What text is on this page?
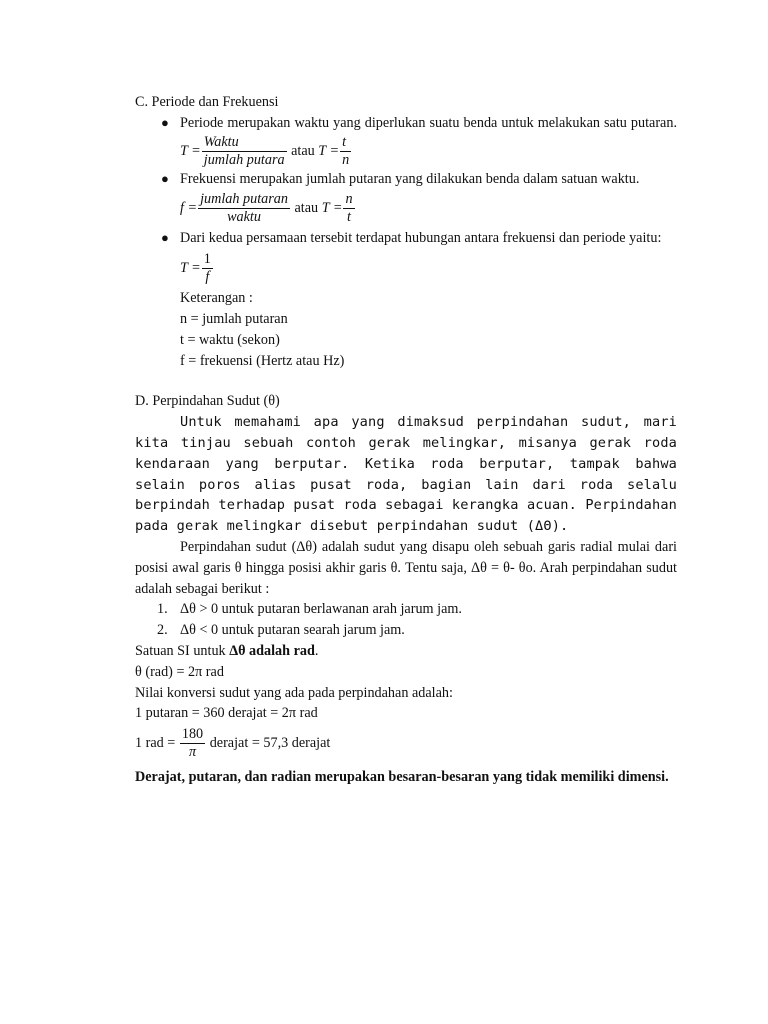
C. Periode dan Frekuensi

● Periode merupakan waktu yang diperlukan suatu benda untuk melakukan satu putaran. $T = \frac{\text{Waktu}}{\text{jumlah putara}}$ atau $T = \frac{t}{n}$

● Frekuensi merupakan jumlah putaran yang dilakukan benda dalam satuan waktu.

$f = \frac{\text{jumlah putaran}}{\text{waktu}}$ atau $T = \frac{n}{t}$

● Dari kedua persamaan tersebit terdapat hubungan antara frekuensi dan periode yaitu:

$T = \frac{1}{f}$

Keterangan :

n = jumlah putaran

t = waktu (sekon)

f = frekuensi (Hertz atau Hz)

D. Perpindahan Sudut (θ)

Untuk memahami apa yang dimaksud perpindahan sudut, mari kita tinjau sebuah contoh gerak melingkar, misanya gerak roda kendaraan yang berputar. Ketika roda berputar, tampak bahwa selain poros alias pusat roda, bagian lain dari roda selalu berpindah terhadap pusat roda sebagai kerangka acuan. Perpindahan pada gerak melingkar disebut perpindahan sudut (ΔΘ).

Perpindahan sudut (Δθ) adalah sudut yang disapu oleh sebuah garis radial mulai dari posisi awal garis θ hingga posisi akhir garis θ. Tentu saja, Δθ = θ- θo. Arah perpindahan sudut adalah sebagai berikut :

1. Δθ > 0 untuk putaran berlawanan arah jarum jam.
2. Δθ < 0 untuk putaran searah jarum jam.

Satuan SI untuk Δθ adalah rad.

θ (rad) = 2π rad

Nilai konversi sudut yang ada pada perpindahan adalah:

1 putaran = 360 derajat = 2π rad

1 rad = $\frac{180}{\pi}$ derajat = 57,3 derajat

Derajat, putaran, dan radian merupakan besaran-besaran yang tidak memiliki dimensi.
